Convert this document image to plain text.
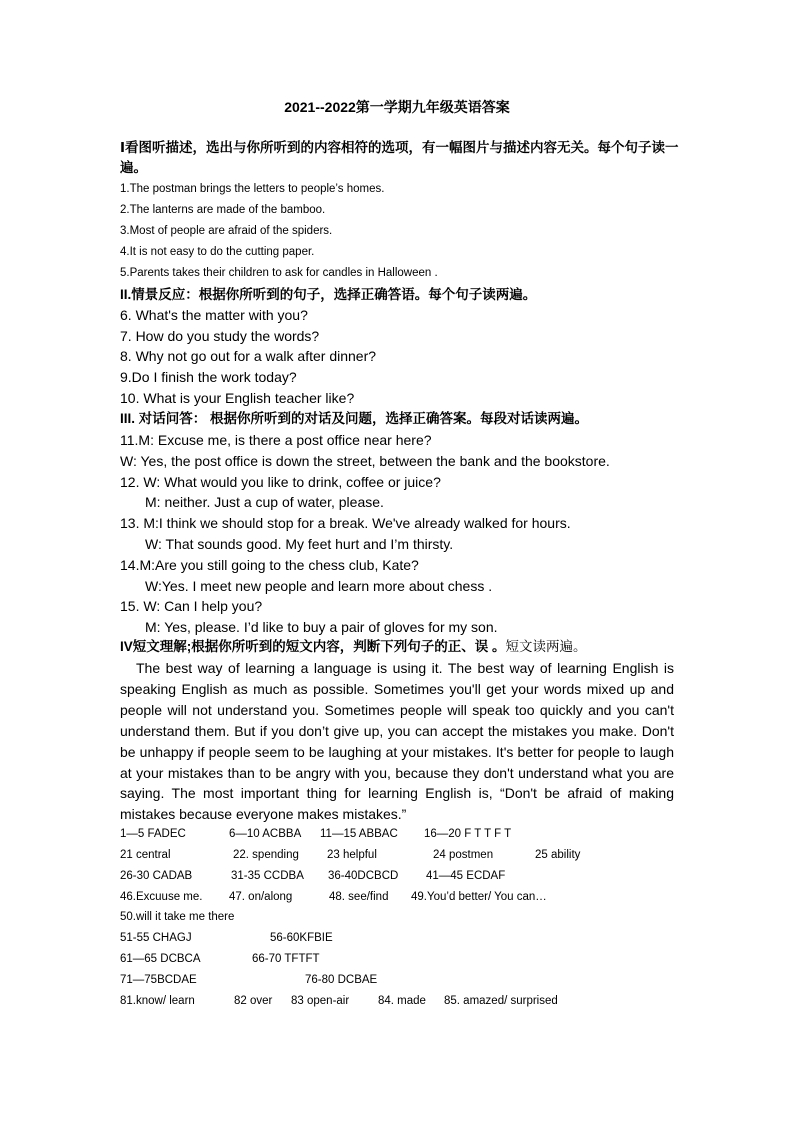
2021--2022第一学期九年级英语答案
Ⅰ看图听描述，选出与你所听到的内容相符的选项，有一幅图片与描述内容无关。每个句子读一遍。
1.The postman brings the letters to people’s homes.
2.The lanterns are made of the bamboo.
3.Most of people are afraid of the spiders.
4.It is not easy to do the cutting paper.
5.Parents takes their children to ask for candles in Halloween .
II.情景反应：根据你所听到的句子，选择正确答语。每个句子读两遍。
6. What's the matter with you?
7. How do you study the words?
8. Why not go out for a walk after dinner?
9.Do I finish the work today?
10. What is your English teacher like?
III. 对话问答： 根据你所听到的对话及问题，选择正确答案。每段对话读两遍。
11.M: Excuse me, is there a post office near here?
W: Yes, the post office is down the street, between the bank and the bookstore.
12. W: What would you like to drink, coffee or juice?
M: neither. Just a cup of water, please.
13. M:I think we should stop for a break. We've already walked for hours.
W: That sounds good. My feet hurt and I’m thirsty.
14.M:Are you still going to the chess club, Kate?
W:Yes. I meet new people and learn more about chess .
15. W: Can I help you?
M: Yes, please. I’d like to buy a pair of gloves for my son.
IV短文理解;根据你所听到的短文内容，判断下列句子的正、误 。短文读两遍。

The best way of learning a language is using it. The best way of learning English is speaking English as much as possible. Sometimes you'll get your words mixed up and people will not understand you. Sometimes people will speak too quickly and you can't understand them. But if you don’t give up, you can accept the mistakes you make. Don't be unhappy if people seem to be laughing at your mistakes. It's better for people to laugh at your mistakes than to be angry with you, because they don't understand what you are saying. The most important thing for learning English is, “Don't be afraid of making mistakes because everyone makes mistakes.”

1—5 FADEC	6—10 ACBBA 11—15 ABBAC 16—20 F T T F T
21 central	22. spending 23 helpful	24 postmen	25 ability
26-30 CADAB	31-35 CCDBA 36-40DCBCD 41—45 ECDAF
46.Excuuse me. 47. on/along	48. see/find 49.You’d better/ You can…
50.will it take me there
51-55 CHAGJ	56-60KFBIE
61—65 DCBCA	66-70 TFTFT
71—75BCDAE	76-80 DCBAE
81.know/ learn	82 over 83 open-air	84. made 85. amazed/ surprised
